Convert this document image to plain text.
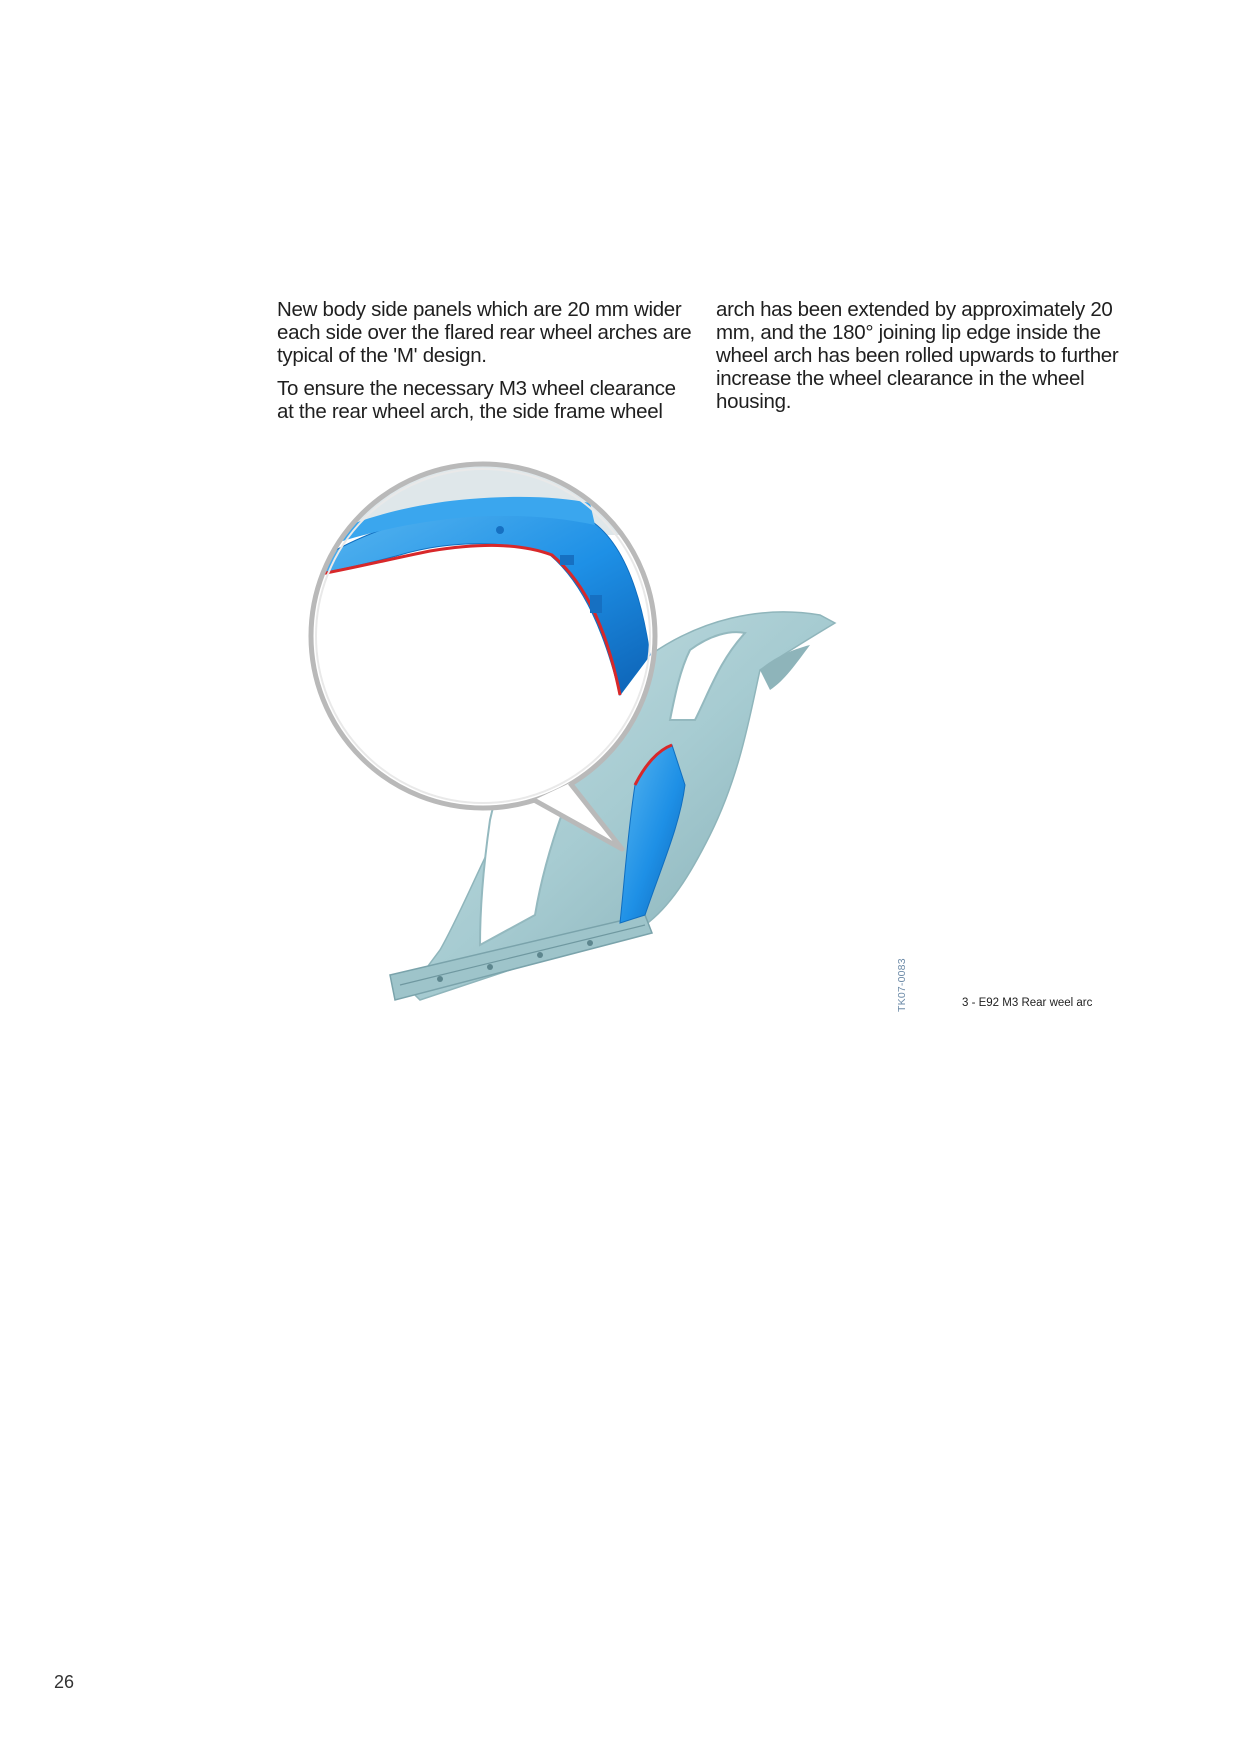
New body side panels which are 20 mm wider each side over the flared rear wheel arches are typical of the 'M' design.

To ensure the necessary M3 wheel clearance at the rear wheel arch, the side frame wheel

arch has been extended by approximately 20 mm, and the 180° joining lip edge inside the wheel arch has been rolled upwards to further increase the wheel clearance in the wheel housing.

TK07-0083	3 - E92 M3 Rear weel arc
26
